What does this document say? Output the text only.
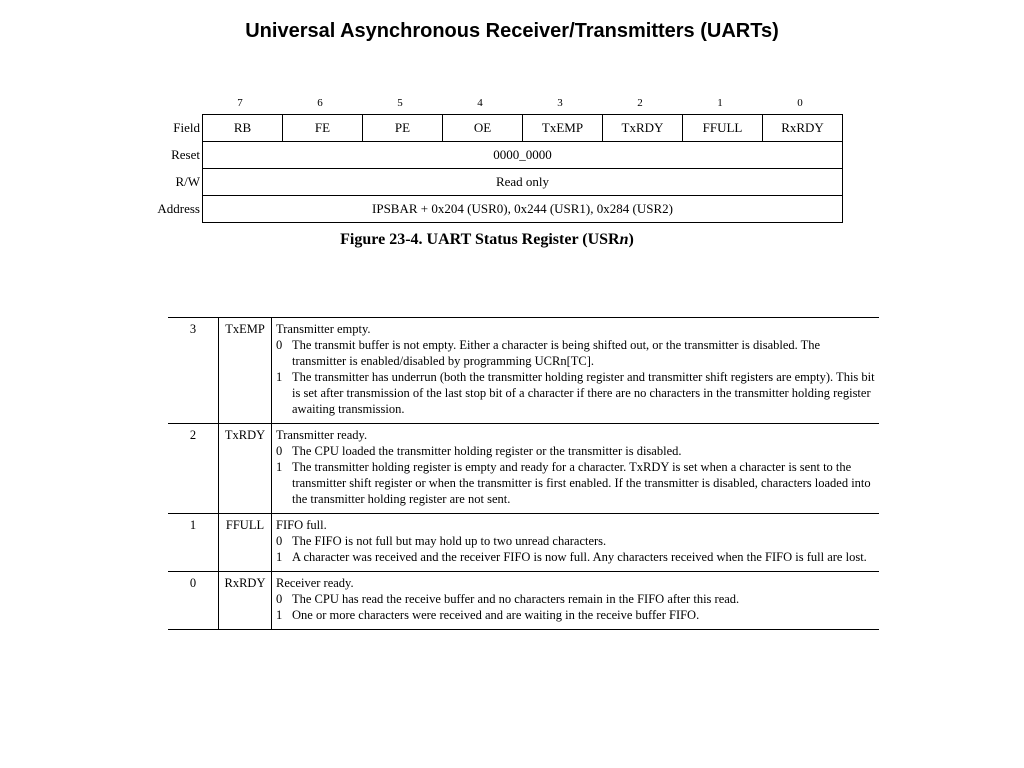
Universal Asynchronous Receiver/Transmitters (UARTs)
7	6	5	4	3	2	1	0
Field	RB	FE	PE	OE	TxEMP	TxRDY	FFULL	RxRDY
Reset	0000_0000							
R/W	Read only							
Address	IPSBAR + 0x204 (USR0), 0x244 (USR1), 0x284 (USR2)							
Figure 23-4. UART Status Register (USRn)
3	TxEMP	Transmitter empty.
0 The transmit buffer is not empty. Either a character is being shifted out, or the transmitter is disabled. The transmitter is enabled/disabled by programming UCRn[TC].
1 The transmitter has underrun (both the transmitter holding register and transmitter shift registers are empty). This bit is set after transmission of the last stop bit of a character if there are no characters in the transmitter holding register awaiting transmission.

2	TxRDY	Transmitter ready.
0 The CPU loaded the transmitter holding register or the transmitter is disabled.
1 The transmitter holding register is empty and ready for a character. TxRDY is set when a character is sent to the transmitter shift register or when the transmitter is first enabled. If the transmitter is disabled, characters loaded into the transmitter holding register are not sent.

1	FFULL	FIFO full.
0 The FIFO is not full but may hold up to two unread characters.
1 A character was received and the receiver FIFO is now full. Any characters received when the FIFO is full are lost.

0	RxRDY	Receiver ready.
0 The CPU has read the receive buffer and no characters remain in the FIFO after this read.
1 One or more characters were received and are waiting in the receive buffer FIFO.
